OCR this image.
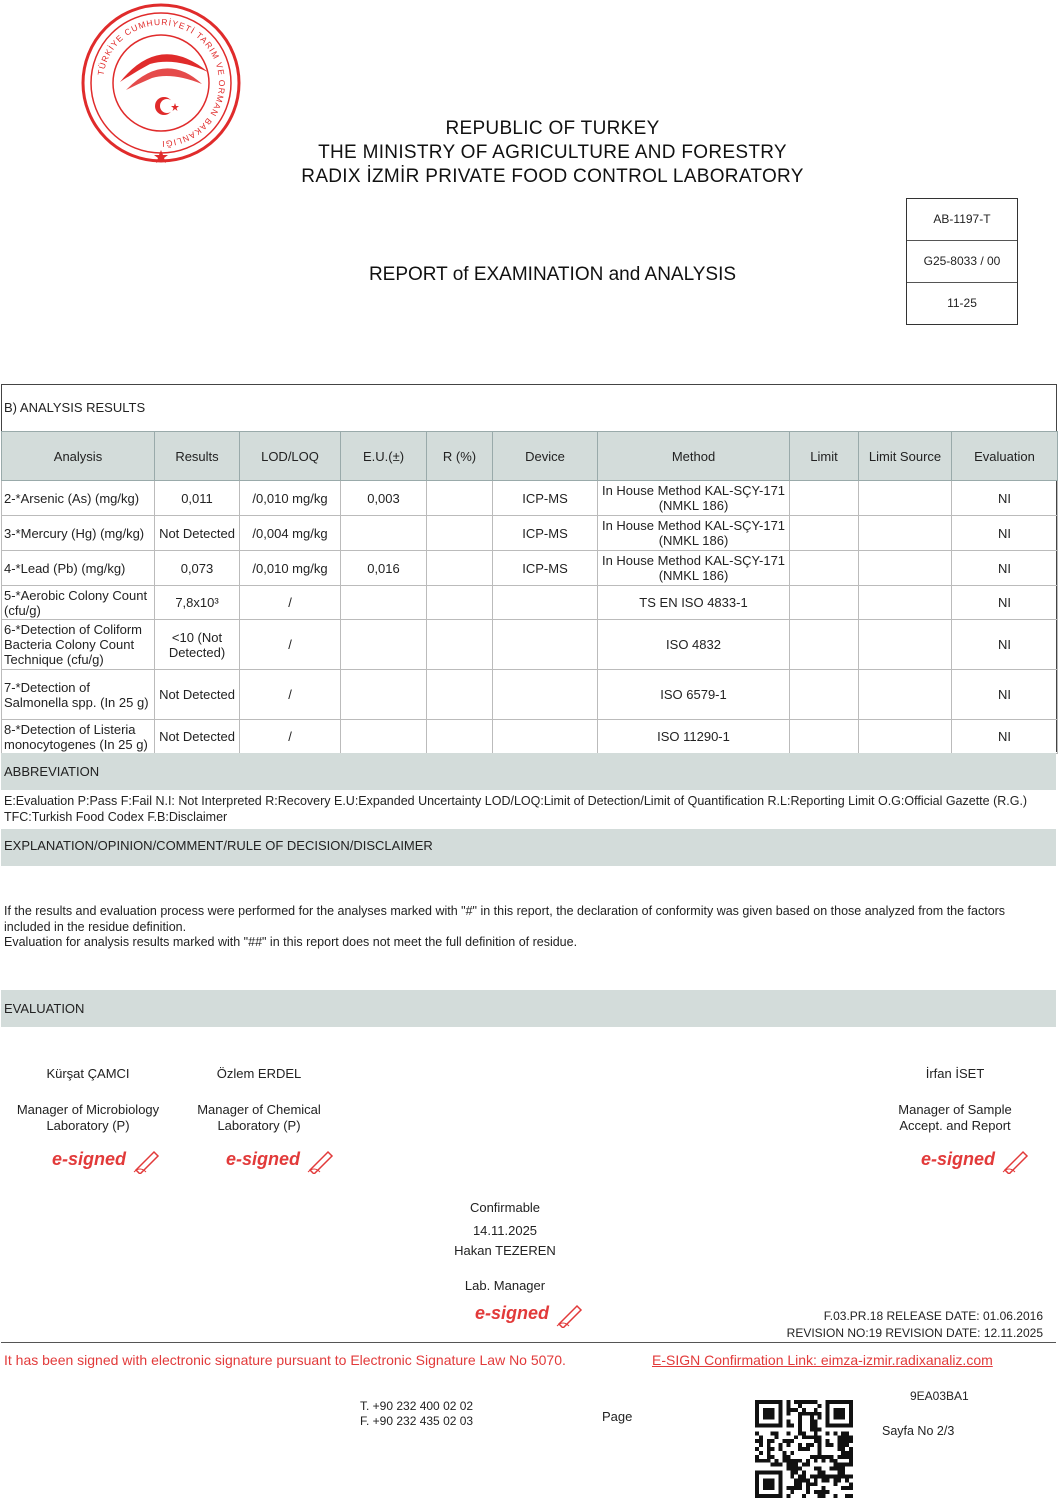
TÜRKİYE CUMHURİYETİ TARIM VE ORMAN BAKANLIĞI
REPUBLIC OF TURKEY
THE MINISTRY OF AGRICULTURE AND FORESTRY
RADIX İZMİR PRIVATE FOOD CONTROL LABORATORY
REPORT of EXAMINATION and ANALYSIS
AB-1197-T
G25-8033 / 00
11-25
B) ANALYSIS RESULTS
Analysis	Results	LOD/LOQ	E.U.(±)	R (%)	Device	Method	Limit	Limit Source	Evaluation
2-*Arsenic (As) (mg/kg)	0,011	/0,010 mg/kg	0,003		ICP-MS	In House Method KAL-SÇY-171 (NMKL 186)			NI
3-*Mercury (Hg) (mg/kg)	Not Detected	/0,004 mg/kg			ICP-MS	In House Method KAL-SÇY-171 (NMKL 186)			NI
4-*Lead (Pb) (mg/kg)	0,073	/0,010 mg/kg	0,016		ICP-MS	In House Method KAL-SÇY-171 (NMKL 186)			NI
5-*Aerobic Colony Count (cfu/g)	7,8x10³	/				TS EN ISO 4833-1			NI
6-*Detection of Coliform Bacteria Colony Count Technique (cfu/g)	<10 (Not Detected)	/				ISO 4832			NI
7-*Detection of Salmonella spp. (In 25 g)	Not Detected	/				ISO 6579-1			NI
8-*Detection of Listeria monocytogenes (In 25 g)	Not Detected	/				ISO 11290-1			NI
ABBREVIATION
E:Evaluation P:Pass F:Fail N.I: Not Interpreted R:Recovery E.U:Expanded Uncertainty LOD/LOQ:Limit of Detection/Limit of Quantification R.L:Reporting Limit O.G:Official Gazette (R.G.) TFC:Turkish Food Codex F.B:Disclaimer
EXPLANATION/OPINION/COMMENT/RULE OF DECISION/DISCLAIMER
If the results and evaluation process were performed for the analyses marked with "#" in this report, the declaration of conformity was given based on those analyzed from the factors included in the residue definition.
Evaluation for analysis results marked with "##" in this report does not meet the full definition of residue.
EVALUATION
Kürşat ÇAMCI
Manager of Microbiology Laboratory (P)
e-signed
Özlem ERDEL
Manager of Chemical Laboratory (P)
e-signed
İrfan İSET
Manager of Sample Accept. and Report
e-signed
Confirmable
14.11.2025
Hakan TEZEREN
Lab. Manager
e-signed	F.03.PR.18 RELEASE DATE: 01.06.2016
REVISION NO:19 REVISION DATE: 12.11.2025
It has been signed with electronic signature pursuant to Electronic Signature Law No 5070.	E-SIGN Confirmation Link: eimza-izmir.radixanaliz.com
9EA03BA1
T. +90 232 400 02 02
F. +90 232 435 02 03	Page
Sayfa No 2/3
